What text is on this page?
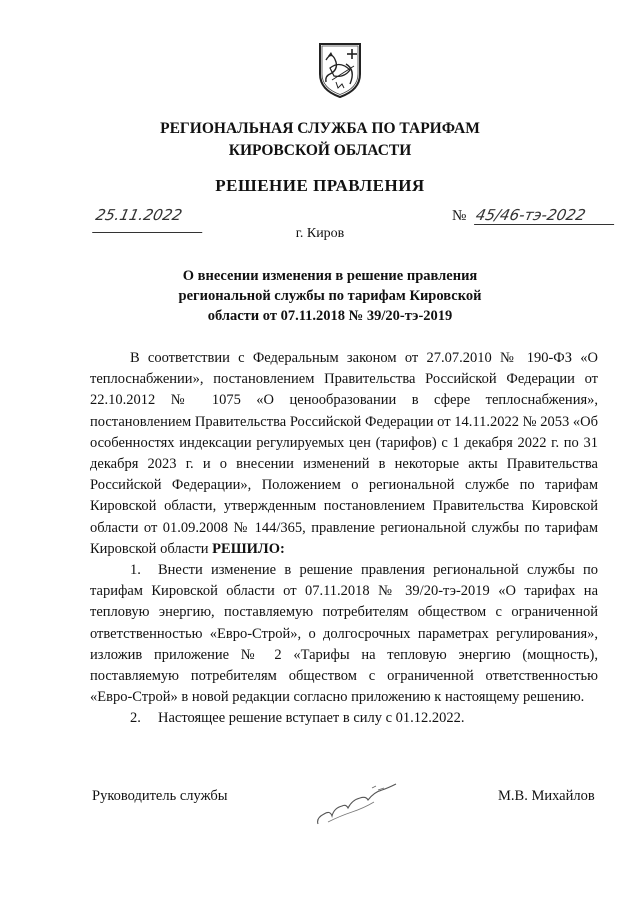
РЕГИОНАЛЬНАЯ СЛУЖБА ПО ТАРИФАМ
КИРОВСКОЙ ОБЛАСТИ
РЕШЕНИЕ ПРАВЛЕНИЯ
25.11.2022	№ 45/46-тэ-2022
г. Киров
О внесении изменения в решение правления
региональной службы по тарифам Кировской
области от 07.11.2018 № 39/20-тэ-2019

В соответствии с Федеральным законом от 27.07.2010 № 190-ФЗ «О теплоснабжении», постановлением Правительства Российской Федерации от 22.10.2012 № 1075 «О ценообразовании в сфере теплоснабжения», постановлением Правительства Российской Федерации от 14.11.2022 № 2053 «Об особенностях индексации регулируемых цен (тарифов) с 1 декабря 2022 г. по 31 декабря 2023 г. и о внесении изменений в некоторые акты Правительства Российской Федерации», Положением о региональной службе по тарифам Кировской области, утвержденным постановлением Правительства Кировской области от 01.09.2008 № 144/365, правление региональной службы по тарифам Кировской области РЕШИЛО:

1. Внести изменение в решение правления региональной службы по тарифам Кировской области от 07.11.2018 № 39/20-тэ-2019 «О тарифах на тепловую энергию, поставляемую потребителям обществом с ограниченной ответственностью «Евро-Строй», о долгосрочных параметрах регулирования», изложив приложение № 2 «Тарифы на тепловую энергию (мощность), поставляемую потребителям обществом с ограниченной ответственностью «Евро-Строй» в новой редакции согласно приложению к настоящему решению.

2. Настоящее решение вступает в силу с 01.12.2022.

Руководитель службы	М.В. Михайлов
